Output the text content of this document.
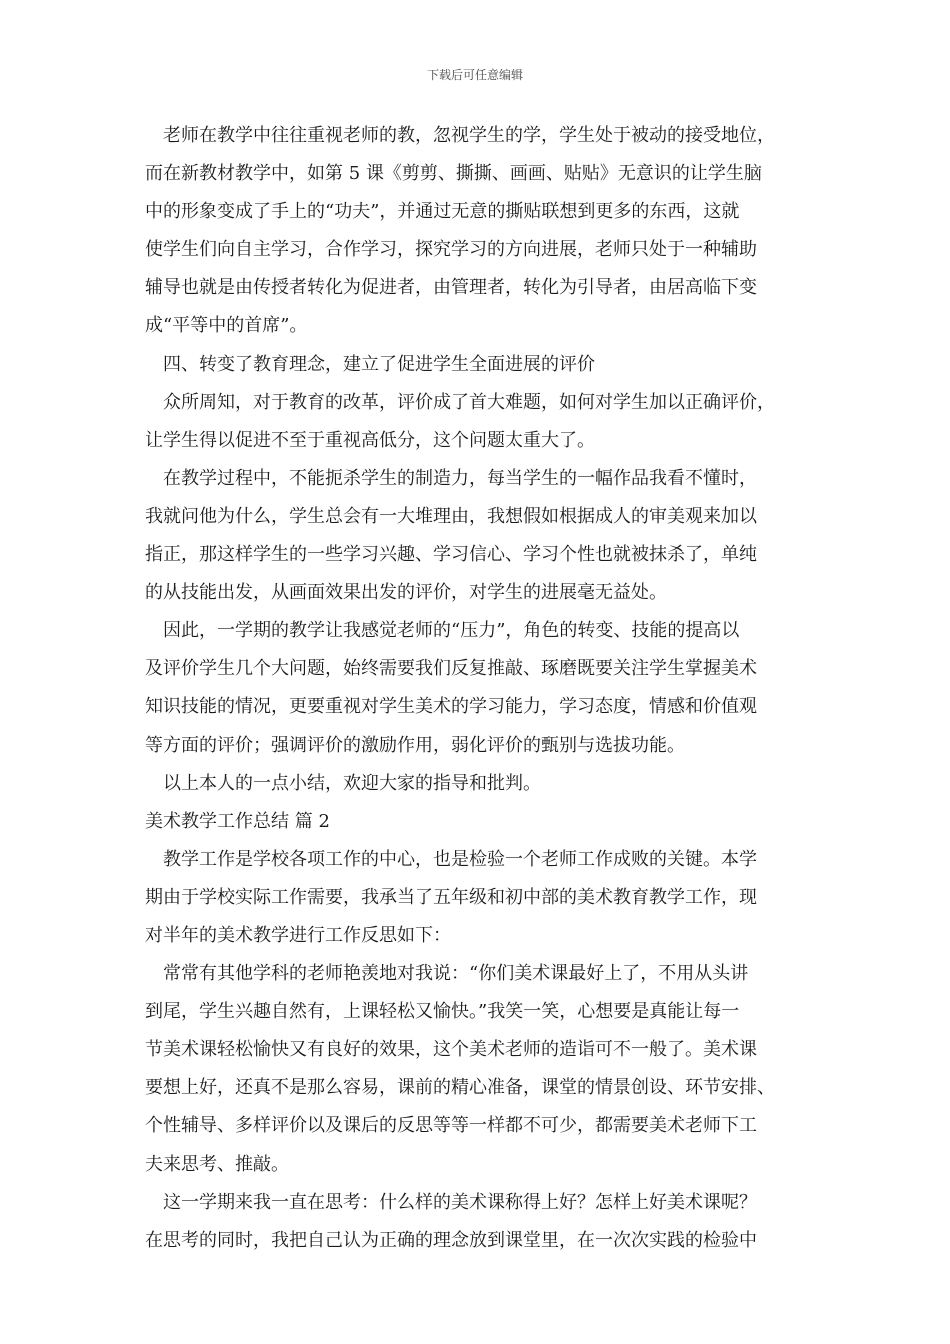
下载后可任意编辑
老师在教学中往往重视老师的教，忽视学生的学，学生处于被动的接受地位，
而在新教材教学中，如第 5 课《剪剪、撕撕、画画、贴贴》无意识的让学生脑
中的形象变成了手上的“功夫”，并通过无意的撕贴联想到更多的东西，这就
使学生们向自主学习，合作学习，探究学习的方向进展，老师只处于一种辅助
辅导也就是由传授者转化为促进者，由管理者，转化为引导者，由居高临下变
成“平等中的首席”。
四、转变了教育理念，建立了促进学生全面进展的评价
众所周知，对于教育的改革，评价成了首大难题，如何对学生加以正确评价，
让学生得以促进不至于重视高低分，这个问题太重大了。
在教学过程中，不能扼杀学生的制造力，每当学生的一幅作品我看不懂时，
我就问他为什么，学生总会有一大堆理由，我想假如根据成人的审美观来加以
指正，那这样学生的一些学习兴趣、学习信心、学习个性也就被抹杀了，单纯
的从技能出发，从画面效果出发的评价，对学生的进展毫无益处。
因此，一学期的教学让我感觉老师的“压力”，角色的转变、技能的提高以
及评价学生几个大问题，始终需要我们反复推敲、琢磨既要关注学生掌握美术
知识技能的情况，更要重视对学生美术的学习能力，学习态度，情感和价值观
等方面的评价；强调评价的激励作用，弱化评价的甄别与选拔功能。
以上本人的一点小结，欢迎大家的指导和批判。
美术教学工作总结 篇 2
教学工作是学校各项工作的中心，也是检验一个老师工作成败的关键。本学
期由于学校实际工作需要，我承当了五年级和初中部的美术教育教学工作，现
对半年的美术教学进行工作反思如下：
常常有其他学科的老师艳羡地对我说：“你们美术课最好上了，不用从头讲
到尾，学生兴趣自然有，上课轻松又愉快。”我笑一笑，心想要是真能让每一
节美术课轻松愉快又有良好的效果，这个美术老师的造诣可不一般了。美术课
要想上好，还真不是那么容易，课前的精心准备，课堂的情景创设、环节安排、
个性辅导、多样评价以及课后的反思等等一样都不可少，都需要美术老师下工
夫来思考、推敲。
这一学期来我一直在思考：什么样的美术课称得上好？怎样上好美术课呢？
在思考的同时，我把自己认为正确的理念放到课堂里，在一次次实践的检验中
